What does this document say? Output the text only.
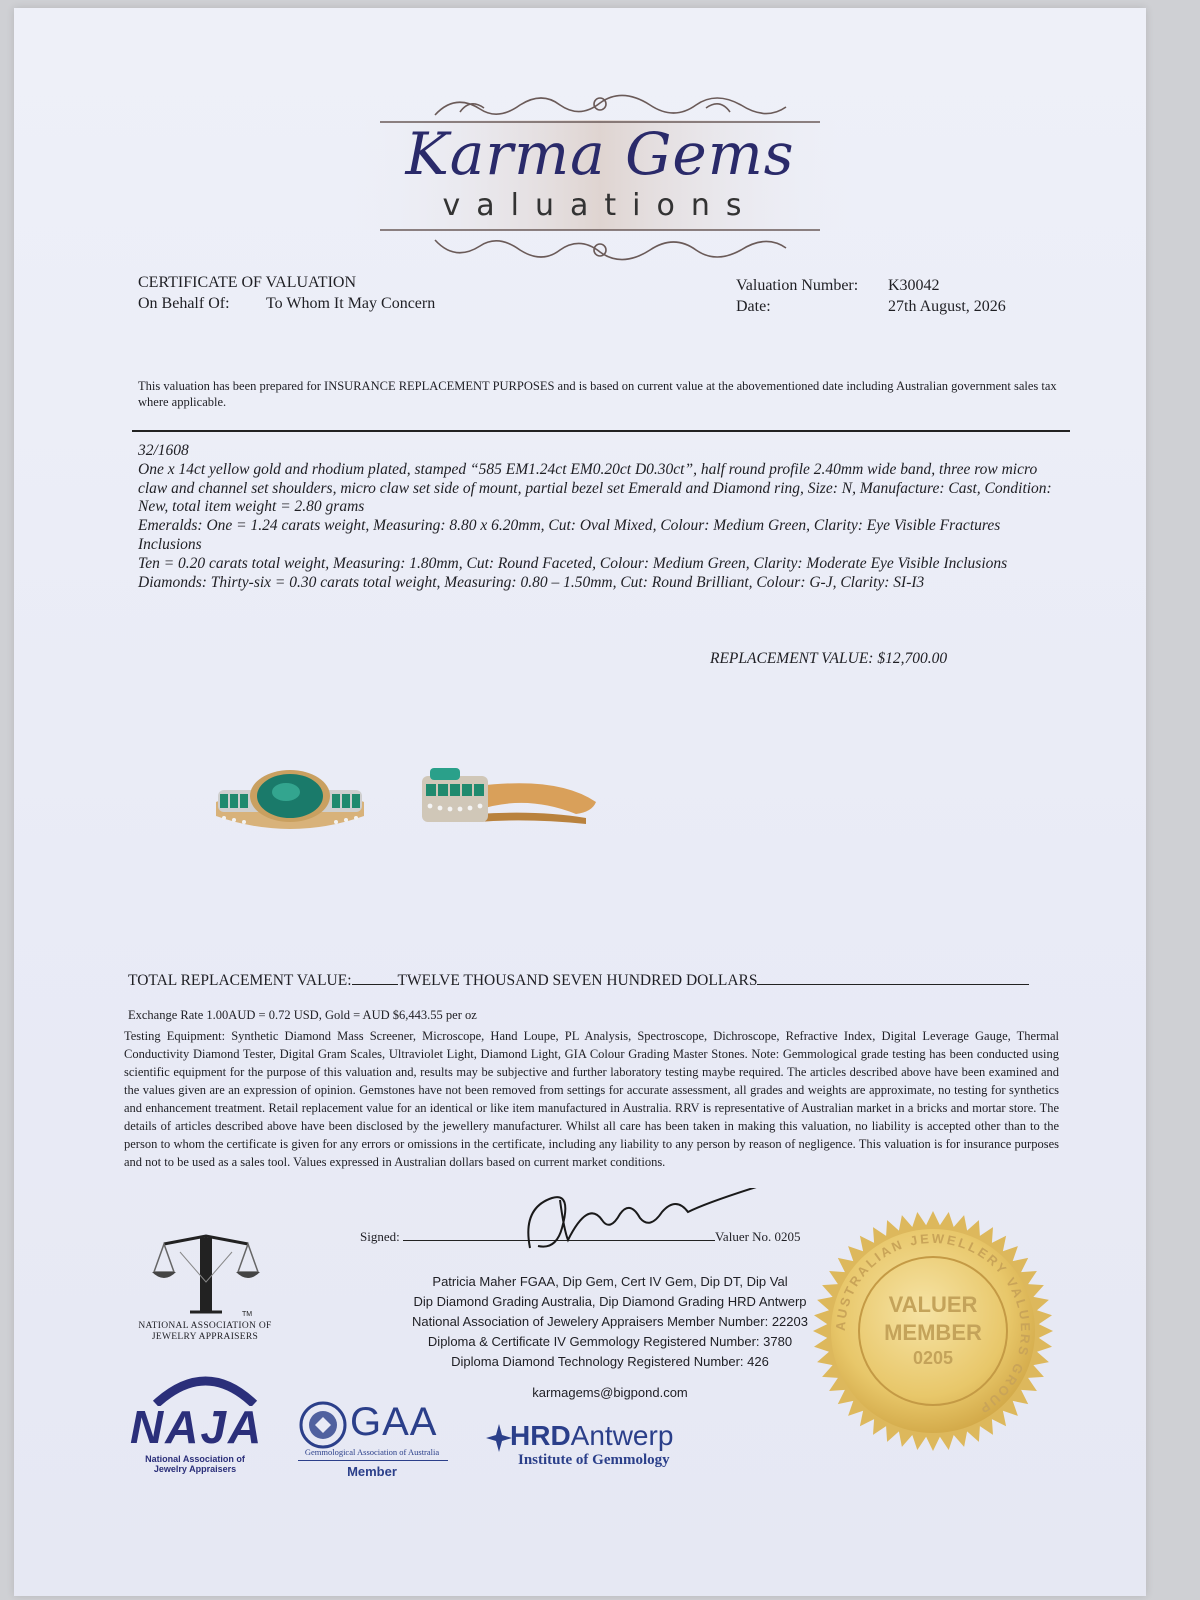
Karma Gems
valuations
CERTIFICATE OF VALUATION
On Behalf Of:	To Whom It May Concern
Valuation Number: K30042
Date:	27th August, 2026
This valuation has been prepared for INSURANCE REPLACEMENT PURPOSES and is based on current value at the abovementioned date including Australian government sales tax where applicable.

32/1608

One x 14ct yellow gold and rhodium plated, stamped “585 EM1.24ct EM0.20ct D0.30ct”, half round profile 2.40mm wide band, three row micro claw and channel set shoulders, micro claw set side of mount, partial bezel set Emerald and Diamond ring, Size: N, Manufacture: Cast, Condition: New, total item weight = 2.80 grams

Emeralds: One = 1.24 carats weight, Measuring: 8.80 x 6.20mm, Cut: Oval Mixed, Colour: Medium Green, Clarity: Eye Visible Fractures Inclusions

Ten = 0.20 carats total weight, Measuring: 1.80mm, Cut: Round Faceted, Colour: Medium Green, Clarity: Moderate Eye Visible Inclusions

Diamonds: Thirty-six = 0.30 carats total weight, Measuring: 0.80 – 1.50mm, Cut: Round Brilliant, Colour: G-J, Clarity: SI-I3

REPLACEMENT VALUE: $12,700.00
TOTAL REPLACEMENT VALUE:	TWELVE THOUSAND SEVEN HUNDRED DOLLARS
Exchange Rate 1.00AUD = 0.72 USD, Gold = AUD $6,443.55 per oz
Testing Equipment: Synthetic Diamond Mass Screener, Microscope, Hand Loupe, PL Analysis, Spectroscope, Dichroscope, Refractive Index, Digital Leverage Gauge, Thermal Conductivity Diamond Tester, Digital Gram Scales, Ultraviolet Light, Diamond Light, GIA Colour Grading Master Stones. Note: Gemmological grade testing has been conducted using scientific equipment for the purpose of this valuation and, results may be subjective and further laboratory testing maybe required. The articles described above have been examined and the values given are an expression of opinion. Gemstones have not been removed from settings for accurate assessment, all grades and weights are approximate, no testing for synthetics and enhancement treatment. Retail replacement value for an identical or like item manufactured in Australia. RRV is representative of Australian market in a bricks and mortar store. The details of articles described above have been disclosed by the jewellery manufacturer. Whilst all care has been taken in making this valuation, no liability is accepted other than to the person to whom the certificate is given for any errors or omissions in the certificate, including any liability to any person by reason of negligence. This valuation is for insurance purposes and not to be used as a sales tool. Values expressed in Australian dollars based on current market conditions.
Signed:	Valuer No. 0205
Patricia Maher FGAA, Dip Gem, Cert IV Gem, Dip DT, Dip Val
Dip Diamond Grading Australia, Dip Diamond Grading HRD Antwerp
National Association of Jewelery Appraisers Member Number: 22203
Diploma & Certificate IV Gemmology Registered Number: 3780
Diploma Diamond Technology Registered Number: 426
karmagems@bigpond.com
TM
NATIONAL ASSOCIATION OF JEWELRY APPRAISERS
NAJA
National Association of Jewelry Appraisers
GAA
Gemmological Association of Australia
Member
HRDAntwerp
Institute of Gemmology
AUSTRALIAN JEWELLERY VALUERS GROUP
VALUER
MEMBER
0205
